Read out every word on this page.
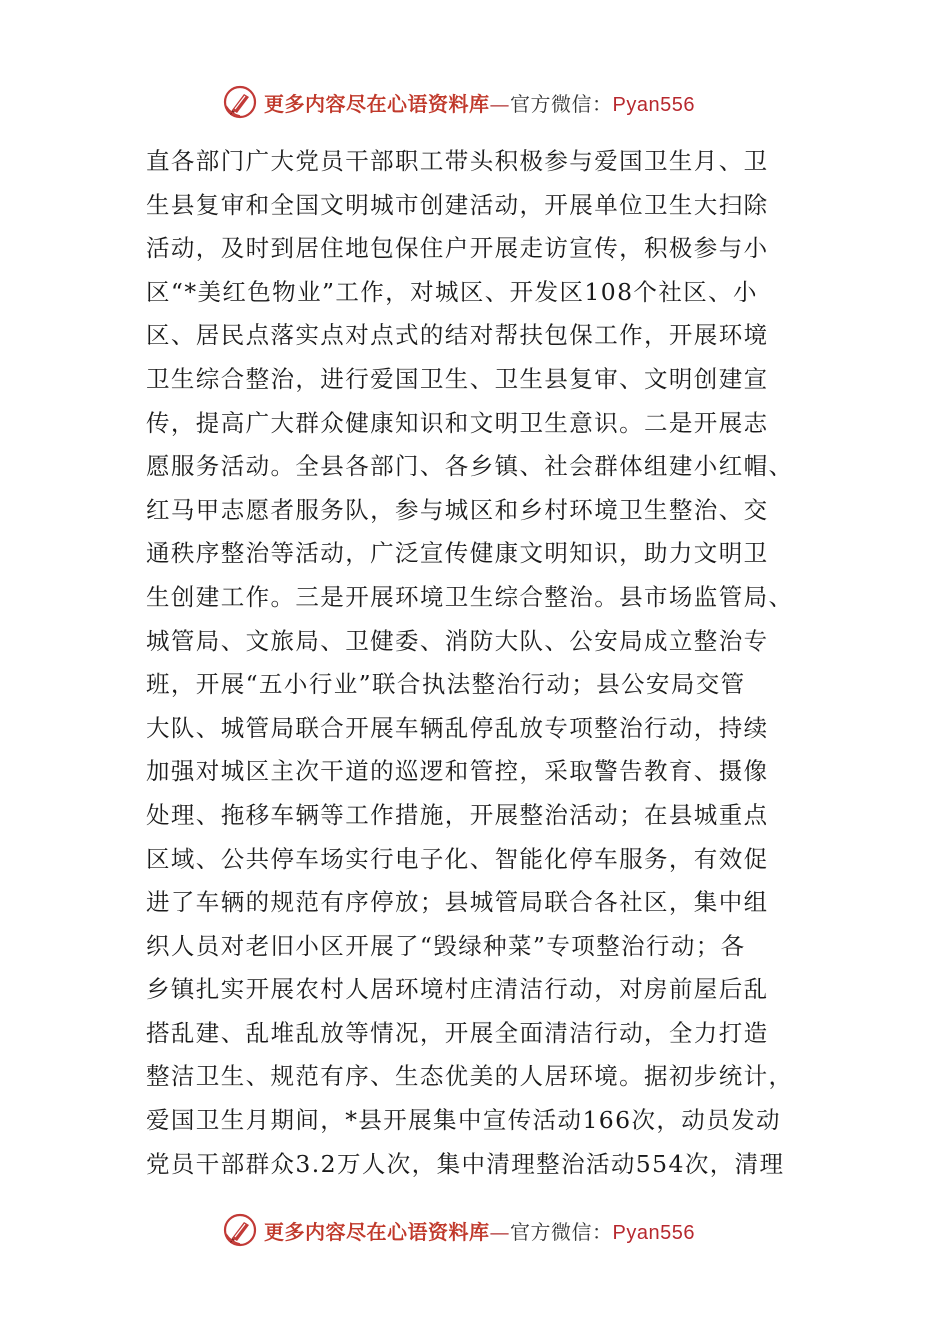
更多内容尽在心语资料库—官方微信：Pyan556
直各部门广大党员干部职工带头积极参与爱国卫生月、卫
生县复审和全国文明城市创建活动，开展单位卫生大扫除
活动，及时到居住地包保住户开展走访宣传，积极参与小
区“*美红色物业”工作，对城区、开发区108个社区、小
区、居民点落实点对点式的结对帮扶包保工作，开展环境
卫生综合整治，进行爱国卫生、卫生县复审、文明创建宣
传，提高广大群众健康知识和文明卫生意识。二是开展志
愿服务活动。全县各部门、各乡镇、社会群体组建小红帽、
红马甲志愿者服务队，参与城区和乡村环境卫生整治、交
通秩序整治等活动，广泛宣传健康文明知识，助力文明卫
生创建工作。三是开展环境卫生综合整治。县市场监管局、
城管局、文旅局、卫健委、消防大队、公安局成立整治专
班，开展“五小行业”联合执法整治行动；县公安局交管
大队、城管局联合开展车辆乱停乱放专项整治行动，持续
加强对城区主次干道的巡逻和管控，采取警告教育、摄像
处理、拖移车辆等工作措施，开展整治活动；在县城重点
区域、公共停车场实行电子化、智能化停车服务，有效促
进了车辆的规范有序停放；县城管局联合各社区，集中组
织人员对老旧小区开展了“毁绿种菜”专项整治行动；各
乡镇扎实开展农村人居环境村庄清洁行动，对房前屋后乱
搭乱建、乱堆乱放等情况，开展全面清洁行动，全力打造
整洁卫生、规范有序、生态优美的人居环境。据初步统计，
爱国卫生月期间，*县开展集中宣传活动166次，动员发动
党员干部群众3.2万人次，集中清理整治活动554次，清理
更多内容尽在心语资料库—官方微信：Pyan556
